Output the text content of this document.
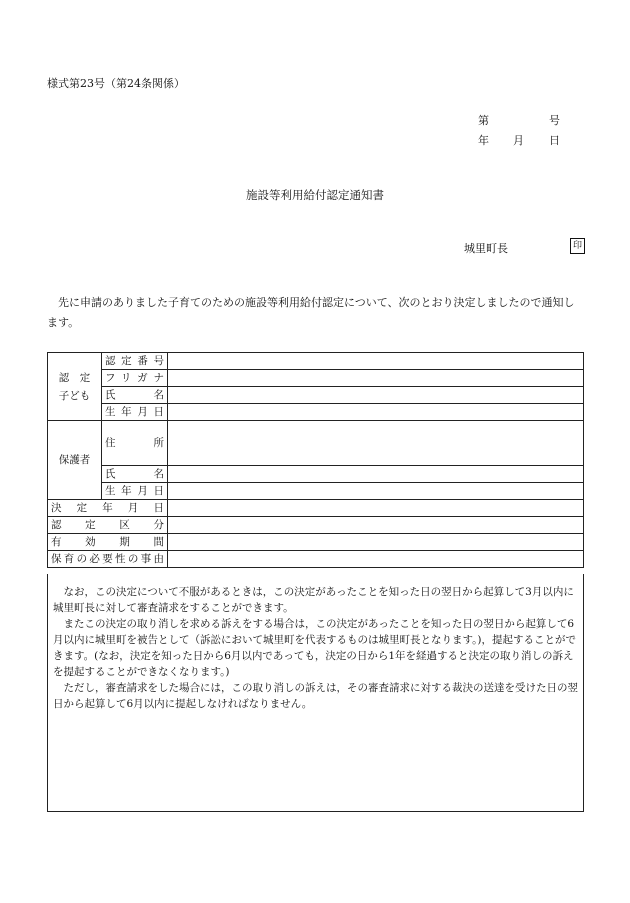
様式第23号（第24条関係）
第	号
年 月 日
施設等利用給付認定通知書
城里町長	印
先に申請のありました子育てのための施設等利用給付認定について、次のとおり決定しましたので通知します。
認　定
子ども	認定番号	
	フリガナ	
	氏名	
	生年月日	
保護者	住所	
	氏名	
	生年月日	
決定年月日		
認定区分		
有効期間		
保育の必要性の事由		

なお，この決定について不服があるときは，この決定があったことを知った日の翌日から起算して3月以内に城里町長に対して審査請求をすることができます。

またこの決定の取り消しを求める訴えをする場合は，この決定があったことを知った日の翌日から起算して6月以内に城里町を被告として（訴訟において城里町を代表するものは城里町長となります。)，提起することができます。(なお，決定を知った日から6月以内であっても，決定の日から1年を経過すると決定の取り消しの訴えを提起することができなくなります。)

ただし，審査請求をした場合には，この取り消しの訴えは，その審査請求に対する裁決の送達を受けた日の翌日から起算して6月以内に提起しなければなりません。
